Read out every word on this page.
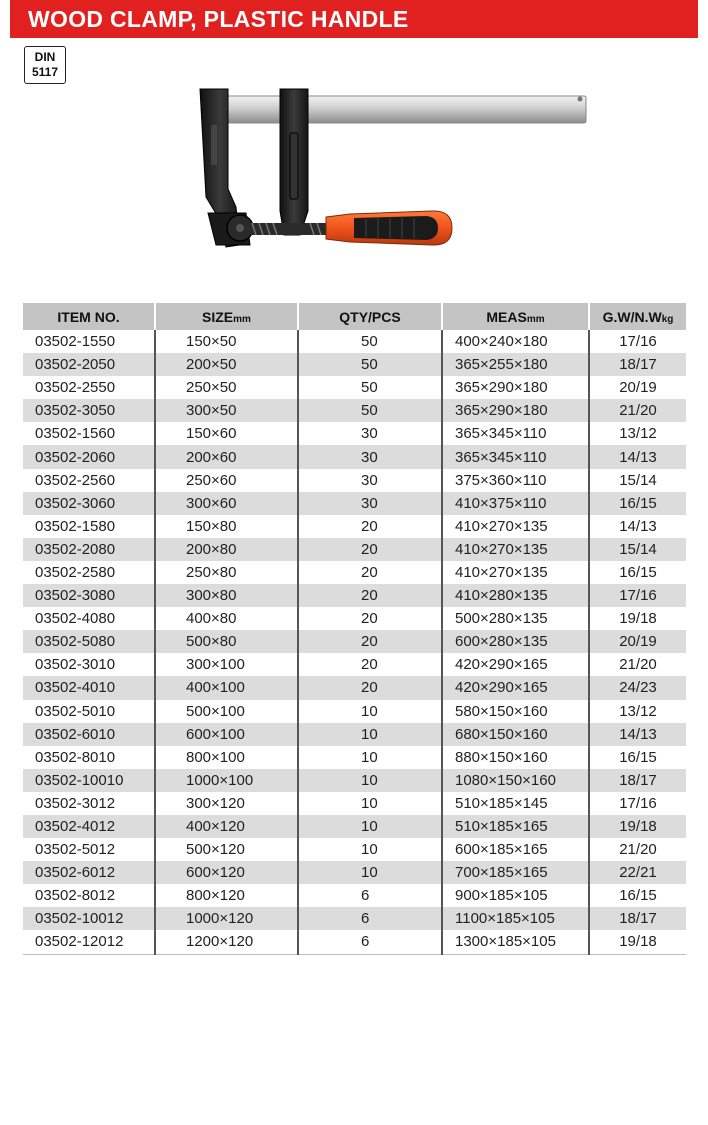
WOOD CLAMP, PLASTIC HANDLE
DIN
5117
ITEM NO.	SIZEmm	QTY/PCS	MEASmm	G.W/N.Wkg
03502-1550	150×50	50	400×240×180	17/16
03502-2050	200×50	50	365×255×180	18/17
03502-2550	250×50	50	365×290×180	20/19
03502-3050	300×50	50	365×290×180	21/20
03502-1560	150×60	30	365×345×110	13/12
03502-2060	200×60	30	365×345×110	14/13
03502-2560	250×60	30	375×360×110	15/14
03502-3060	300×60	30	410×375×110	16/15
03502-1580	150×80	20	410×270×135	14/13
03502-2080	200×80	20	410×270×135	15/14
03502-2580	250×80	20	410×270×135	16/15
03502-3080	300×80	20	410×280×135	17/16
03502-4080	400×80	20	500×280×135	19/18
03502-5080	500×80	20	600×280×135	20/19
03502-3010	300×100	20	420×290×165	21/20
03502-4010	400×100	20	420×290×165	24/23
03502-5010	500×100	10	580×150×160	13/12
03502-6010	600×100	10	680×150×160	14/13
03502-8010	800×100	10	880×150×160	16/15
03502-10010	1000×100	10	1080×150×160	18/17
03502-3012	300×120	10	510×185×145	17/16
03502-4012	400×120	10	510×185×165	19/18
03502-5012	500×120	10	600×185×165	21/20
03502-6012	600×120	10	700×185×165	22/21
03502-8012	800×120	6	900×185×105	16/15
03502-10012	1000×120	6	1100×185×105	18/17
03502-12012	1200×120	6	1300×185×105	19/18
